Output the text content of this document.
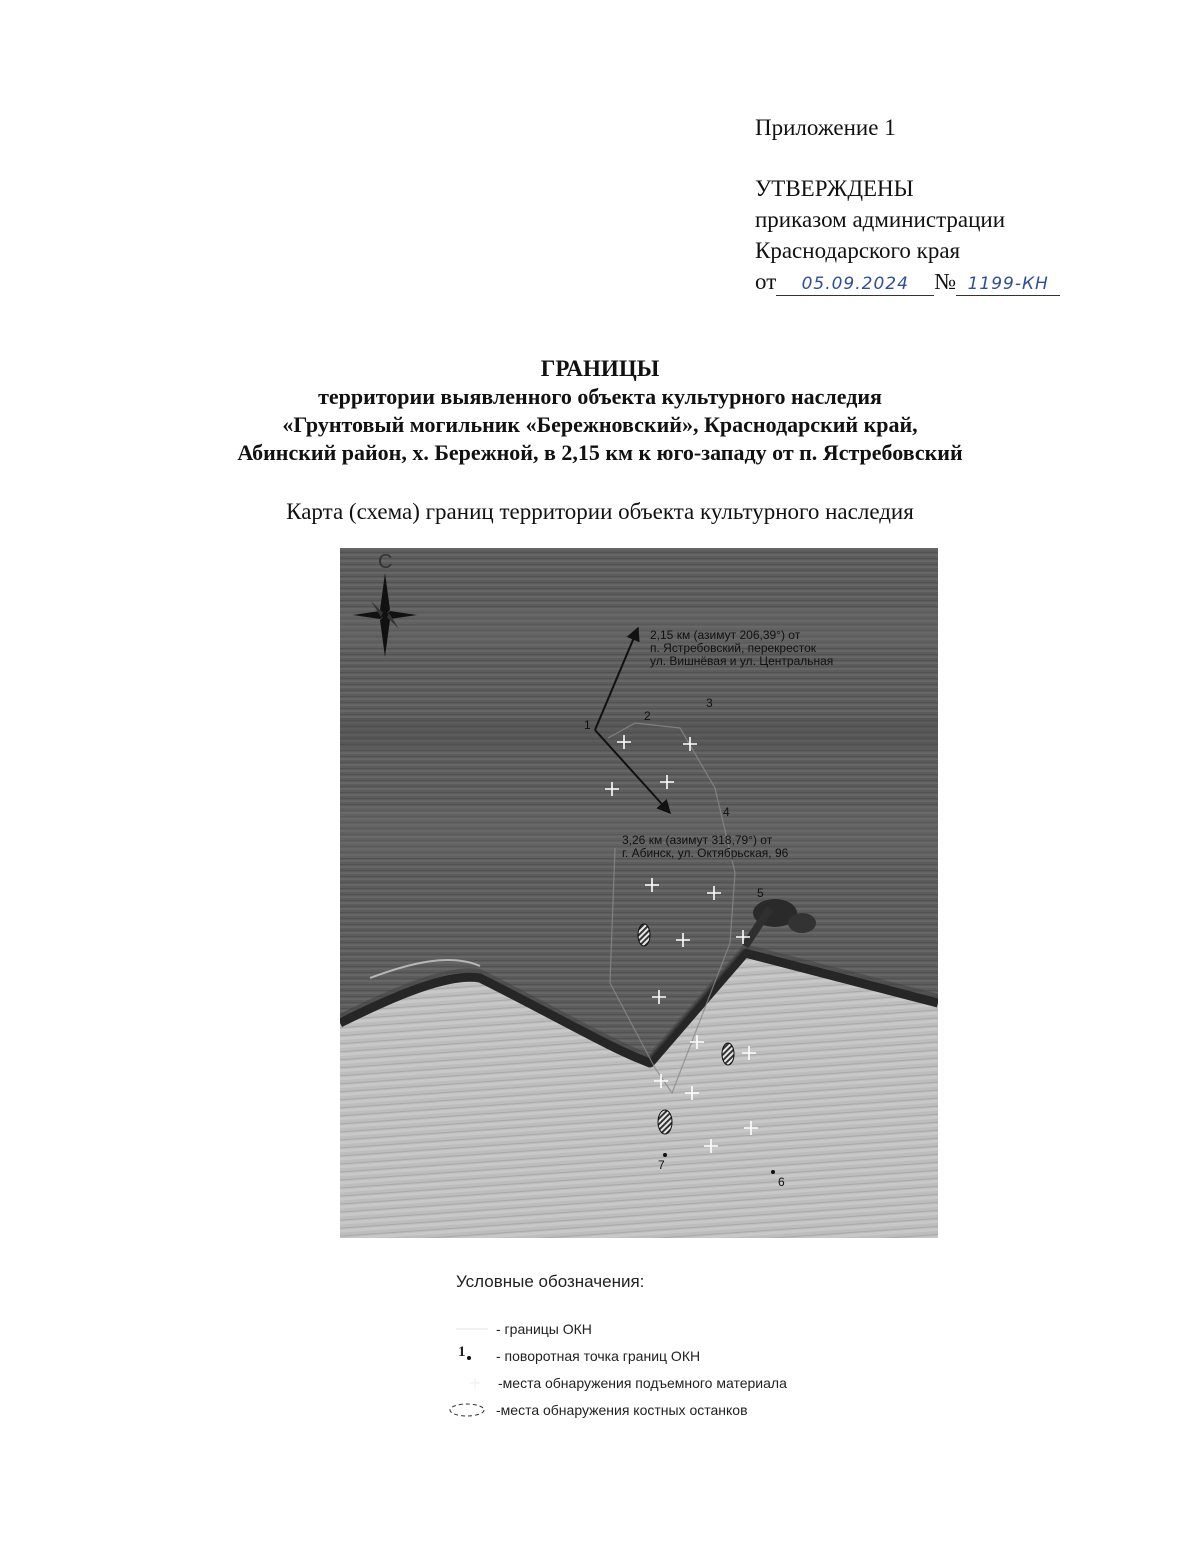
Приложение 1
УТВЕРЖДЕНЫ
приказом администрации
Краснодарского края
от 05.09.2024 № 1199-КН
ГРАНИЦЫ
территории выявленного объекта культурного наследия
«Грунтовый могильник «Бережновский», Краснодарский край,
Абинский район, х. Бережной, в 2,15 км к юго-западу от п. Ястребовский
Карта (схема) границ территории объекта культурного наследия
С
2,15 км (азимут 206,39°) от
п. Ястребовский, перекресток
ул. Вишнёвая и ул. Центральная
3,26 км (азимут 318,79°) от
г. Абинск, ул. Октябрьская, 96
1
2
3
4
5
6
7
Условные обозначения:
- границы ОКН
1 - поворотная точка границ ОКН
-места обнаружения подъемного материала
-места обнаружения костных останков
